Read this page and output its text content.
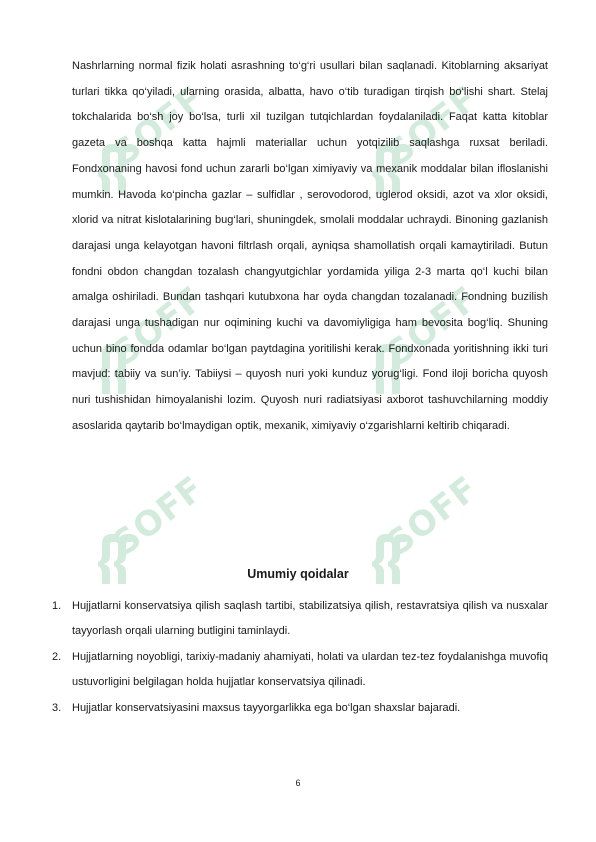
SOFF	SOFF
SOFF	SOFF
SOFF	SOFF

Nashrlarning normal fizik holati asrashning to‘g‘ri usullari bilan saqlanadi. Kitoblarning aksariyat turlari tikka qo‘yiladi, ularning orasida, albatta, havo o‘tib turadigan tirqish bo‘lishi shart. Stelaj tokchalarida bo‘sh joy bo‘lsa, turli xil tuzilgan tutqichlardan foydalaniladi. Faqat katta kitoblar gazeta va boshqa katta hajmli materiallar uchun yotqizilib saqlashga ruxsat beriladi. Fondxonaning havosi fond uchun zararli bo‘lgan ximiyaviy va mexanik moddalar bilan ifloslanishi mumkin. Havoda ko‘pincha gazlar – sulfidlar , serovodorod, uglerod oksidi, azot va xlor oksidi, xlorid va nitrat kislotalarining bug‘lari, shuningdek, smolali moddalar uchraydi. Binoning gazlanish darajasi unga kelayotgan havoni filtrlash orqali, ayniqsa shamollatish orqali kamaytiriladi. Butun fondni obdon changdan tozalash changyutgichlar yordamida yiliga 2-3 marta qo‘l kuchi bilan amalga oshiriladi. Bundan tashqari kutubxona har oyda changdan tozalanadi. Fondning buzilish darajasi unga tushadigan nur oqimining kuchi va davomiyligiga ham bevosita bog‘liq. Shuning uchun bino fondda odamlar bo‘lgan paytdagina yoritilishi kerak. Fondxonada yoritishning ikki turi mavjud: tabiiy va sun’iy. Tabiiysi – quyosh nuri yoki kunduz yorug‘ligi. Fond iloji boricha quyosh nuri tushishidan himoyalanishi lozim. Quyosh nuri radiatsiyasi axborot tashuvchilarning moddiy asoslarida qaytarib bo‘lmaydigan optik, mexanik, ximiyaviy o‘zgarishlarni keltirib chiqaradi.

Umumiy qoidalar
1. Hujjatlarni konservatsiya qilish saqlash tartibi, stabilizatsiya qilish, restavratsiya qilish va nusxalar tayyorlash orqali ularning butligini taminlaydi.
2. Hujjatlarning noyobligi, tarixiy-madaniy ahamiyati, holati va ulardan tez-tez foydalanishga muvofiq ustuvorligini belgilagan holda hujjatlar konservatsiya qilinadi.
3. Hujjatlar konservatsiyasini maxsus tayyorgarlikka ega bo‘lgan shaxslar bajaradi.
6
